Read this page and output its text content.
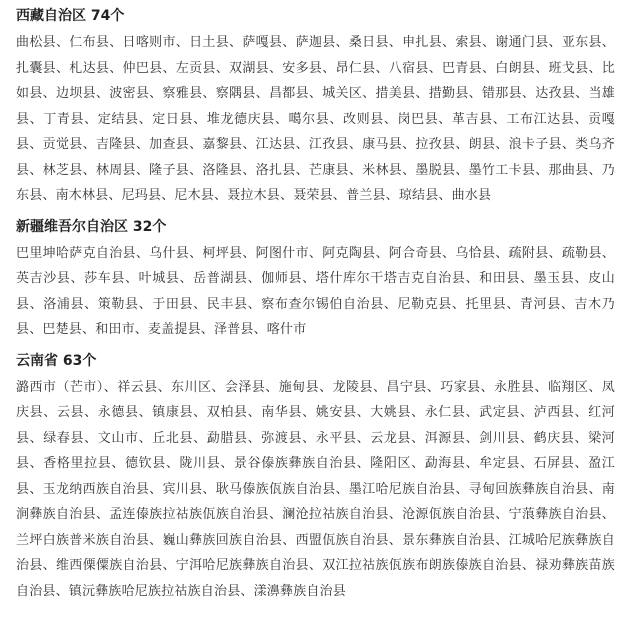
西藏自治区 74个

曲松县、仁布县、日喀则市、日土县、萨嘎县、萨迦县、桑日县、申扎县、索县、谢通门县、亚东县、扎囊县、札达县、仲巴县、左贡县、双湖县、安多县、昂仁县、八宿县、巴青县、白朗县、班戈县、比如县、边坝县、波密县、察雅县、察隅县、昌都县、城关区、措美县、措勤县、错那县、达孜县、当雄县、丁青县、定结县、定日县、堆龙德庆县、噶尔县、改则县、岗巴县、革吉县、工布江达县、贡嘎县、贡觉县、吉隆县、加查县、嘉黎县、江达县、江孜县、康马县、拉孜县、朗县、浪卡子县、类乌齐县、林芝县、林周县、隆子县、洛隆县、洛扎县、芒康县、米林县、墨脱县、墨竹工卡县、那曲县、乃东县、南木林县、尼玛县、尼木县、聂拉木县、聂荣县、普兰县、琼结县、曲水县

新疆维吾尔自治区 32个

巴里坤哈萨克自治县、乌什县、柯坪县、阿图什市、阿克陶县、阿合奇县、乌恰县、疏附县、疏勒县、英吉沙县、莎车县、叶城县、岳普湖县、伽师县、塔什库尔干塔吉克自治县、和田县、墨玉县、皮山县、洛浦县、策勒县、于田县、民丰县、察布查尔锡伯自治县、尼勒克县、托里县、青河县、吉木乃县、巴楚县、和田市、麦盖提县、泽普县、喀什市

云南省 63个

潞西市（芒市）、祥云县、东川区、会泽县、施甸县、龙陵县、昌宁县、巧家县、永胜县、临翔区、凤庆县、云县、永德县、镇康县、双柏县、南华县、姚安县、大姚县、永仁县、武定县、泸西县、红河县、绿春县、文山市、丘北县、勐腊县、弥渡县、永平县、云龙县、洱源县、剑川县、鹤庆县、梁河县、香格里拉县、德钦县、陇川县、景谷傣族彝族自治县、隆阳区、勐海县、牟定县、石屏县、盈江县、玉龙纳西族自治县、宾川县、耿马傣族佤族自治县、墨江哈尼族自治县、寻甸回族彝族自治县、南涧彝族自治县、孟连傣族拉祜族佤族自治县、澜沧拉祜族自治县、沧源佤族自治县、宁蒗彝族自治县、兰坪白族普米族自治县、巍山彝族回族自治县、西盟佤族自治县、景东彝族自治县、江城哈尼族彝族自治县、维西傈僳族自治县、宁洱哈尼族彝族自治县、双江拉祜族佤族布朗族傣族自治县、禄劝彝族苗族自治县、镇沅彝族哈尼族拉祜族自治县、漾濞彝族自治县
